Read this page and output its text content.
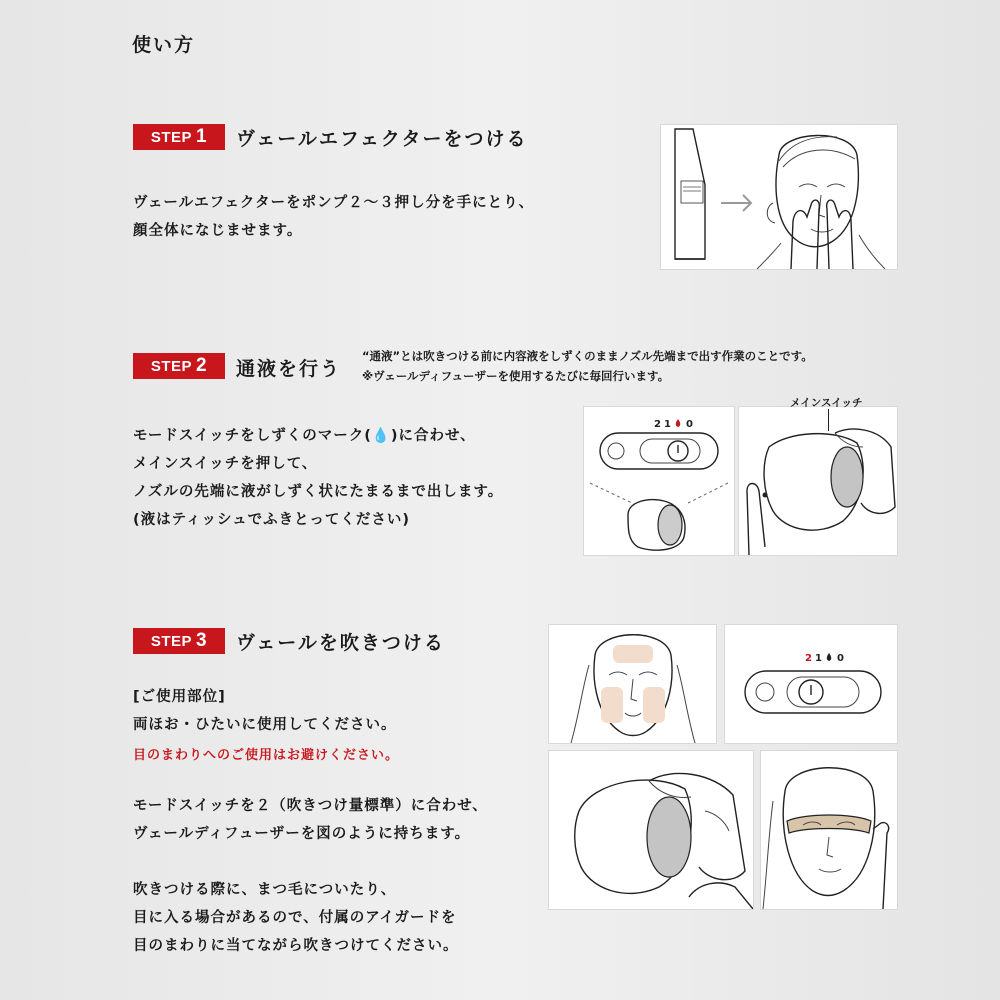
使い方
STEP 1	ヴェールエフェクターをつける
ヴェールエフェクターをポンプ２〜３押し分を手にとり、
顔全体になじませます。
STEP 2	通液を行う
“通液”とは吹きつける前に内容液をしずくのままノズル先端まで出す作業のことです。
※ヴェールディフューザーを使用するたびに毎回行います。
モードスイッチをしずくのマーク(💧)に合わせ、
メインスイッチを押して、
ノズルの先端に液がしずく状にたまるまで出します。
(液はティッシュでふきとってください)
2 1 0
メインスイッチ
STEP 3	ヴェールを吹きつける
[ご使用部位]
両ほお・ひたいに使用してください。
目のまわりへのご使用はお避けください。
モードスイッチを２（吹きつけ量標準）に合わせ、
ヴェールディフューザーを図のように持ちます。
吹きつける際に、まつ毛についたり、
目に入る場合があるので、付属のアイガードを
目のまわりに当てながら吹きつけてください。
2 1 0
